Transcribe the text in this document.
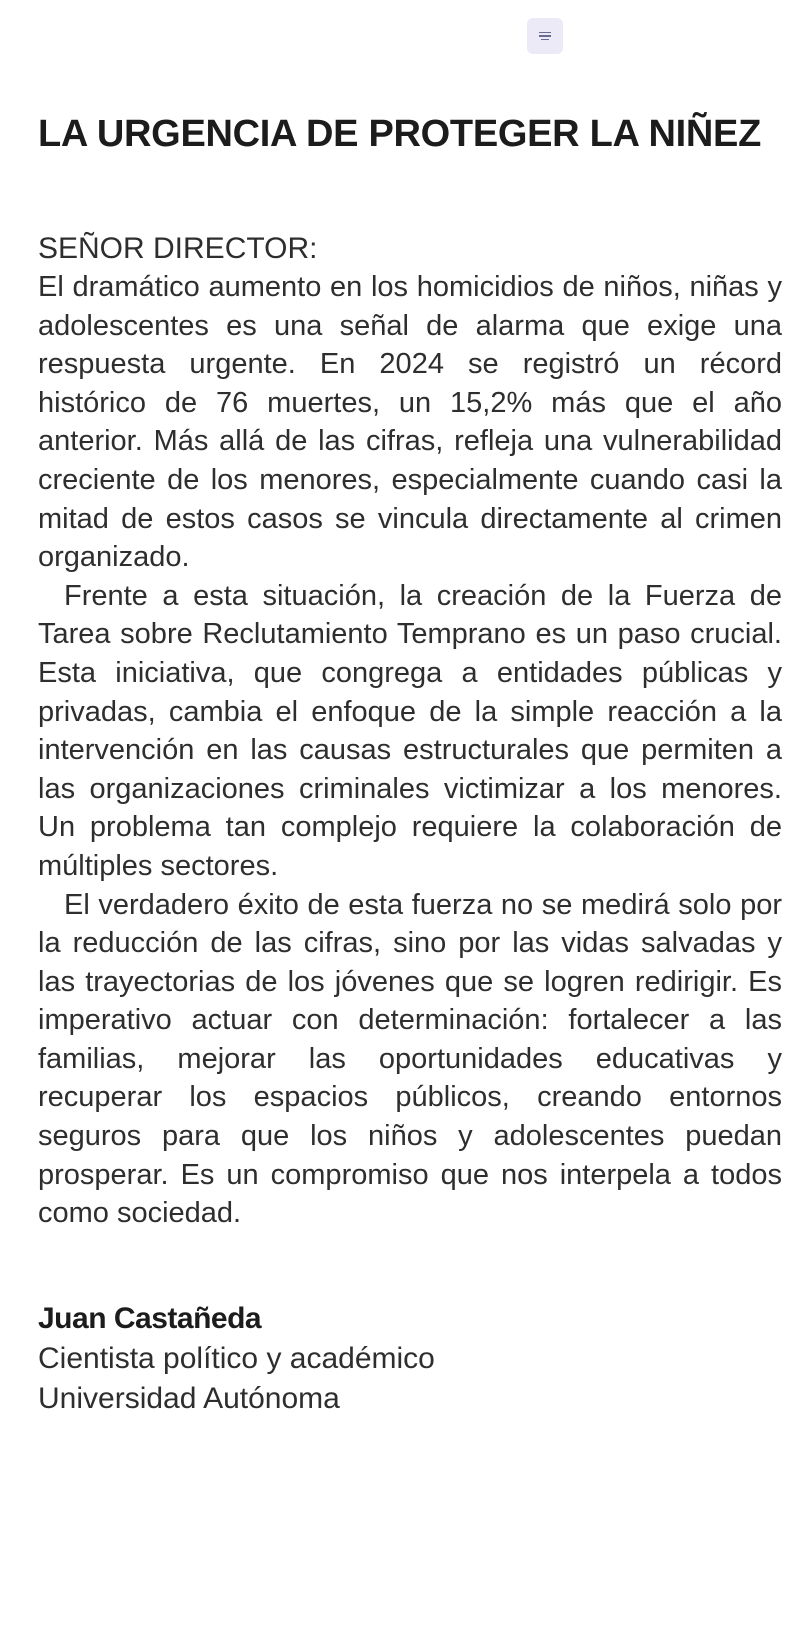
LA URGENCIA DE PROTEGER LA NIÑEZ
SEÑOR DIRECTOR:

El dramático aumento en los homicidios de niños, niñas y adolescentes es una señal de alarma que exige una respuesta urgente. En 2024 se registró un récord histórico de 76 muertes, un 15,2% más que el año anterior. Más allá de las cifras, refleja una vulnerabilidad creciente de los menores, especialmente cuando casi la mitad de estos casos se vincula directamente al crimen organizado.

Frente a esta situación, la creación de la Fuerza de Tarea sobre Reclutamiento Temprano es un paso crucial. Esta iniciativa, que congrega a entidades públicas y privadas, cambia el enfoque de la simple reacción a la intervención en las causas estructurales que permiten a las organizaciones criminales victimizar a los menores. Un problema tan complejo requiere la colaboración de múltiples sectores.

El verdadero éxito de esta fuerza no se medirá solo por la reducción de las cifras, sino por las vidas salvadas y las trayectorias de los jóvenes que se logren redirigir. Es imperativo actuar con determinación: fortalecer a las familias, mejorar las oportunidades educativas y recuperar los espacios públicos, creando entornos seguros para que los niños y adolescentes puedan prosperar. Es un compromiso que nos interpela a todos como sociedad.

Juan Castañeda
Cientista político y académico
Universidad Autónoma
